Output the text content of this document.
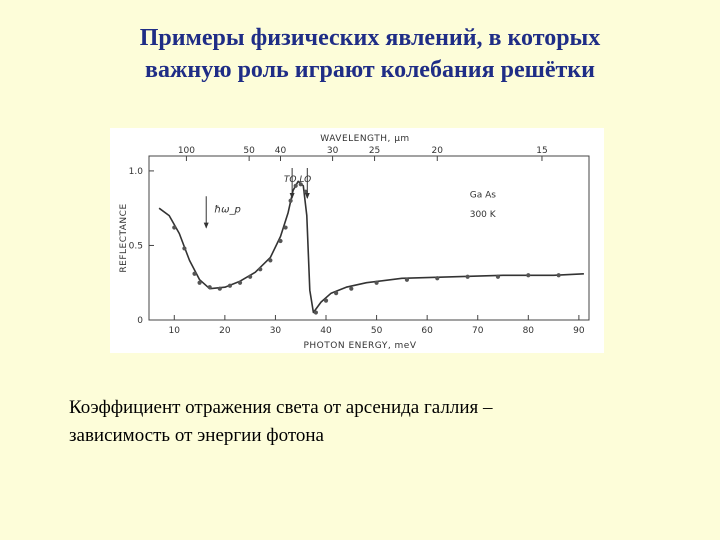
Примеры физических явлений, в которых
важную роль играют колебания решётки
10	20	30	40	50	60	70	80	90
0
0.5
1.0
100	50 40	30	25	20	15
PHOTON ENERGY, meV
WAVELENGTH, μm
REFLECTANCE
TO LO
ħω_p
Ga As
300 K
Коэффициент отражения света от арсенида галлия –
зависимость от энергии фотона
